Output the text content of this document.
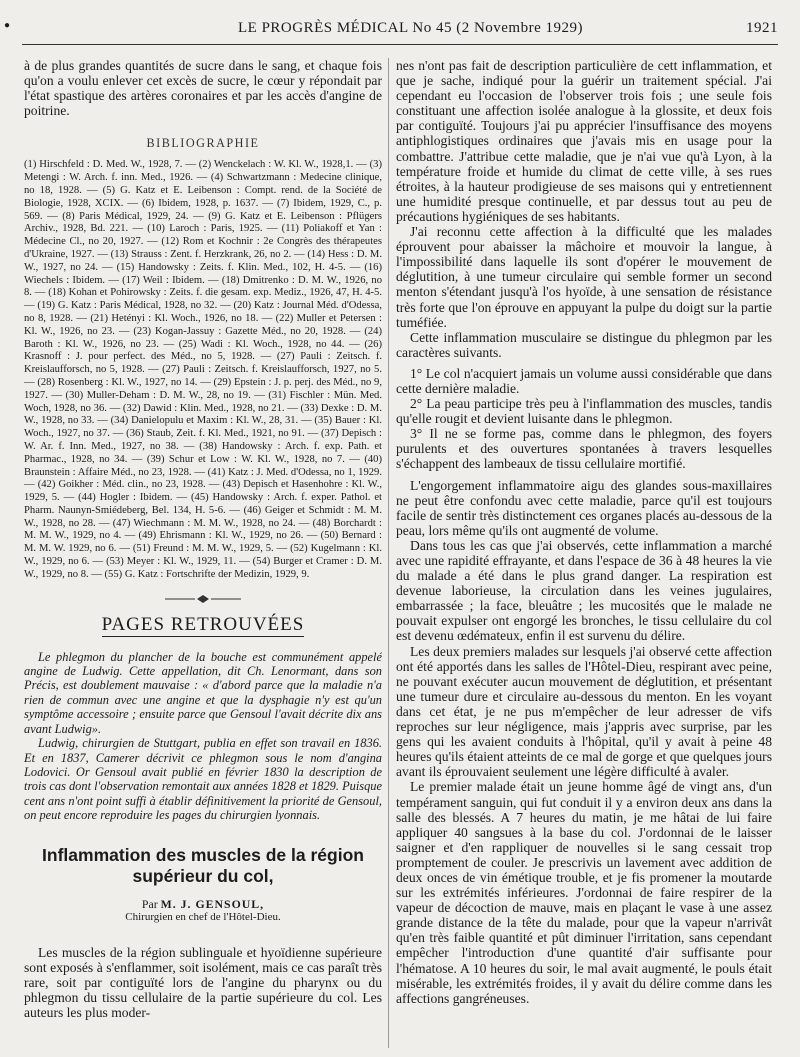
●	LE PROGRÈS MÉDICAL No 45 (2 Novembre 1929)	1921

à de plus grandes quantités de sucre dans le sang, et chaque fois qu'on a voulu enlever cet excès de sucre, le cœur y répondait par l'état spastique des artères coronaires et par les accès d'angine de poitrine.

BIBLIOGRAPHIE

(1) Hirschfeld : D. Med. W., 1928, 7. — (2) Wenckelach : W. Kl. W., 1928,1. — (3) Metengi : W. Arch. f. inn. Med., 1926. — (4) Schwartzmann : Medecine clinique, no 18, 1928. — (5) G. Katz et E. Leibenson : Compt. rend. de la Société de Biologie, 1928, XCIX. — (6) Ibidem, 1928, p. 1637. — (7) Ibidem, 1929, C., p. 569. — (8) Paris Médical, 1929, 24. — (9) G. Katz et E. Leibenson : Pflügers Archiv., 1928, Bd. 221. — (10) Laroch : Paris, 1925. — (11) Poliakoff et Yan : Médecine Cl., no 20, 1927. — (12) Rom et Kochnir : 2e Congrès des thérapeutes d'Ukraine, 1927. — (13) Strauss : Zent. f. Herzkrank, 26, no 2. — (14) Hess : D. M. W., 1927, no 24. — (15) Handowsky : Zeits. f. Klin. Med., 102, H. 4-5. — (16) Wiechels : Ibidem. — (17) Weil : Ibidem. — (18) Dmitrenko : D. M. W., 1926, no 8. — (18) Kohan et Pohirowsky : Zeits. f. die gesam. exp. Mediz., 1926, 47, H. 4-5. — (19) G. Katz : Paris Médical, 1928, no 32. — (20) Katz : Journal Méd. d'Odessa, no 8, 1928. — (21) Hetényi : Kl. Woch., 1926, no 18. — (22) Muller et Petersen : Kl. W., 1926, no 23. — (23) Kogan-Jassuy : Gazette Méd., no 20, 1928. — (24) Baroth : Kl. W., 1926, no 23. — (25) Wadi : Kl. Woch., 1928, no 44. — (26) Krasnoff : J. pour perfect. des Méd., no 5, 1928. — (27) Pauli : Zeitsch. f. Kreislaufforsch, no 5, 1928. — (27) Pauli : Zeitsch. f. Kreislaufforsch, 1927, no 5. — (28) Rosenberg : Kl. W., 1927, no 14. — (29) Epstein : J. p. perj. des Méd., no 9, 1927. — (30) Muller-Deham : D. M. W., 28, no 19. — (31) Fischler : Mün. Med. Woch, 1928, no 36. — (32) Dawid : Klin. Med., 1928, no 21. — (33) Dexke : D. M. W., 1928, no 33. — (34) Danielopulu et Maxim : Kl. W., 28, 31. — (35) Bauer : Kl. Woch., 1927, no 37. — (36) Staub, Zeit. f. Kl. Med., 1921, no 91. — (37) Depisch : W. Ar. f. Inn. Med., 1927, no 38. — (38) Handowsky : Arch. f. exp. Path. et Pharmac., 1928, no 34. — (39) Schur et Low : W. Kl. W., 1928, no 7. — (40) Braunstein : Affaire Méd., no 23, 1928. — (41) Katz : J. Med. d'Odessa, no 1, 1929. — (42) Goikher : Méd. clin., no 23, 1928. — (43) Depisch et Hasenhohre : Kl. W., 1929, 5. — (44) Hogler : Ibidem. — (45) Handowsky : Arch. f. exper. Pathol. et Pharm. Naunyn-Smiédeberg, Bel. 134, H. 5-6. — (46) Geiger et Schmidt : M. M. W., 1928, no 28. — (47) Wiechmann : M. M. W., 1928, no 24. — (48) Borchardt : M. M. W., 1929, no 4. — (49) Ehrismann : Kl. W., 1929, no 26. — (50) Bernard : M. M. W. 1929, no 6. — (51) Freund : M. M. W., 1929, 5. — (52) Kugelmann : Kl. W., 1929, no 6. — (53) Meyer : Kl. W., 1929, 11. — (54) Burger et Cramer : D. M. W., 1929, no 8. — (55) G. Katz : Fortschrifte der Medizin, 1929, 9.

PAGES RETROUVÉES

Le phlegmon du plancher de la bouche est communément appelé angine de Ludwig. Cette appellation, dit Ch. Lenormant, dans son Précis, est doublement mauvaise : « d'abord parce que la maladie n'a rien de commun avec une angine et que la dysphagie n'y est qu'un symptôme accessoire ; ensuite parce que Gensoul l'avait décrite dix ans avant Ludwig».

Ludwig, chirurgien de Stuttgart, publia en effet son travail en 1836. Et en 1837, Camerer décrivit ce phlegmon sous le nom d'angina Lodovici. Or Gensoul avait publié en février 1830 la description de trois cas dont l'observation remontait aux années 1828 et 1829. Puisque cent ans n'ont point suffi à établir définitivement la priorité de Gensoul, on peut encore reproduire les pages du chirurgien lyonnais.

Inflammation des muscles de la région supérieur du col,
Par M. J. GENSOUL,
Chirurgien en chef de l'Hôtel-Dieu.

Les muscles de la région sublinguale et hyoïdienne supérieure sont exposés à s'enflammer, soit isolément, mais ce cas paraît très rare, soit par contiguïté lors de l'angine du pharynx ou du phlegmon du tissu cellulaire de la partie supérieure du col. Les auteurs les plus moder-

nes n'ont pas fait de description particulière de cett inflammation, et que je sache, indiqué pour la guérir un traitement spécial. J'ai cependant eu l'occasion de l'observer trois fois ; une seule fois constituant une affection isolée analogue à la glossite, et deux fois par contiguïté. Toujours j'ai pu apprécier l'insuffisance des moyens antiphlogistiques ordinaires que j'avais mis en usage pour la combattre. J'attribue cette maladie, que je n'ai vue qu'à Lyon, à la température froide et humide du climat de cette ville, à ses rues étroites, à la hauteur prodigieuse de ses maisons qui y entretiennent une humidité presque continuelle, et par dessus tout au peu de précautions hygiéniques de ses habitants.

J'ai reconnu cette affection à la difficulté que les malades éprouvent pour abaisser la mâchoire et mouvoir la langue, à l'impossibilité dans laquelle ils sont d'opérer le mouvement de déglutition, à une tumeur circulaire qui semble former un second menton s'étendant jusqu'à l'os hyoïde, à une sensation de résistance très forte que l'on éprouve en appuyant la pulpe du doigt sur la partie tuméfiée.

Cette inflammation musculaire se distingue du phlegmon par les caractères suivants.

1° Le col n'acquiert jamais un volume aussi considérable que dans cette dernière maladie.

2° La peau participe très peu à l'inflammation des muscles, tandis qu'elle rougit et devient luisante dans le phlegmon.

3° Il ne se forme pas, comme dans le phlegmon, des foyers purulents et des ouvertures spontanées à travers lesquelles s'échappent des lambeaux de tissu cellulaire mortifié.

L'engorgement inflammatoire aigu des glandes sous-maxillaires ne peut être confondu avec cette maladie, parce qu'il est toujours facile de sentir très distinctement ces organes placés au-dessous de la peau, lors même qu'ils ont augmenté de volume.

Dans tous les cas que j'ai observés, cette inflammation a marché avec une rapidité effrayante, et dans l'espace de 36 à 48 heures la vie du malade a été dans le plus grand danger. La respiration est devenue laborieuse, la circulation dans les veines jugulaires, embarrassée ; la face, bleuâtre ; les mucosités que le malade ne pouvait expulser ont engorgé les bronches, le tissu cellulaire du col est devenu œdémateux, enfin il est survenu du délire.

Les deux premiers malades sur lesquels j'ai observé cette affection ont été apportés dans les salles de l'Hôtel-Dieu, respirant avec peine, ne pouvant exécuter aucun mouvement de déglutition, et présentant une tumeur dure et circulaire au-dessous du menton. En les voyant dans cet état, je ne pus m'empêcher de leur adresser de vifs reproches sur leur négligence, mais j'appris avec surprise, par les gens qui les avaient conduits à l'hôpital, qu'il y avait à peine 48 heures qu'ils étaient atteints de ce mal de gorge et que quelques jours avant ils éprouvaient seulement une légère difficulté à avaler.

Le premier malade était un jeune homme âgé de vingt ans, d'un tempérament sanguin, qui fut conduit il y a environ deux ans dans la salle des blessés. A 7 heures du matin, je me hâtai de lui faire appliquer 40 sangsues à la base du col. J'ordonnai de le laisser saigner et d'en rappliquer de nouvelles si le sang cessait trop promptement de couler. Je prescrivis un lavement avec addition de deux onces de vin émétique trouble, et je fis promener la moutarde sur les extrémités inférieures. J'ordonnai de faire respirer de la vapeur de décoction de mauve, mais en plaçant le vase à une assez grande distance de la tête du malade, pour que la vapeur n'arrivât qu'en très faible quantité et pût diminuer l'irritation, sans cependant empêcher l'introduction d'une quantité d'air suffisante pour l'hématose. A 10 heures du soir, le mal avait augmenté, le pouls était misérable, les extrémités froides, il y avait du délire comme dans les affections gangréneuses.
